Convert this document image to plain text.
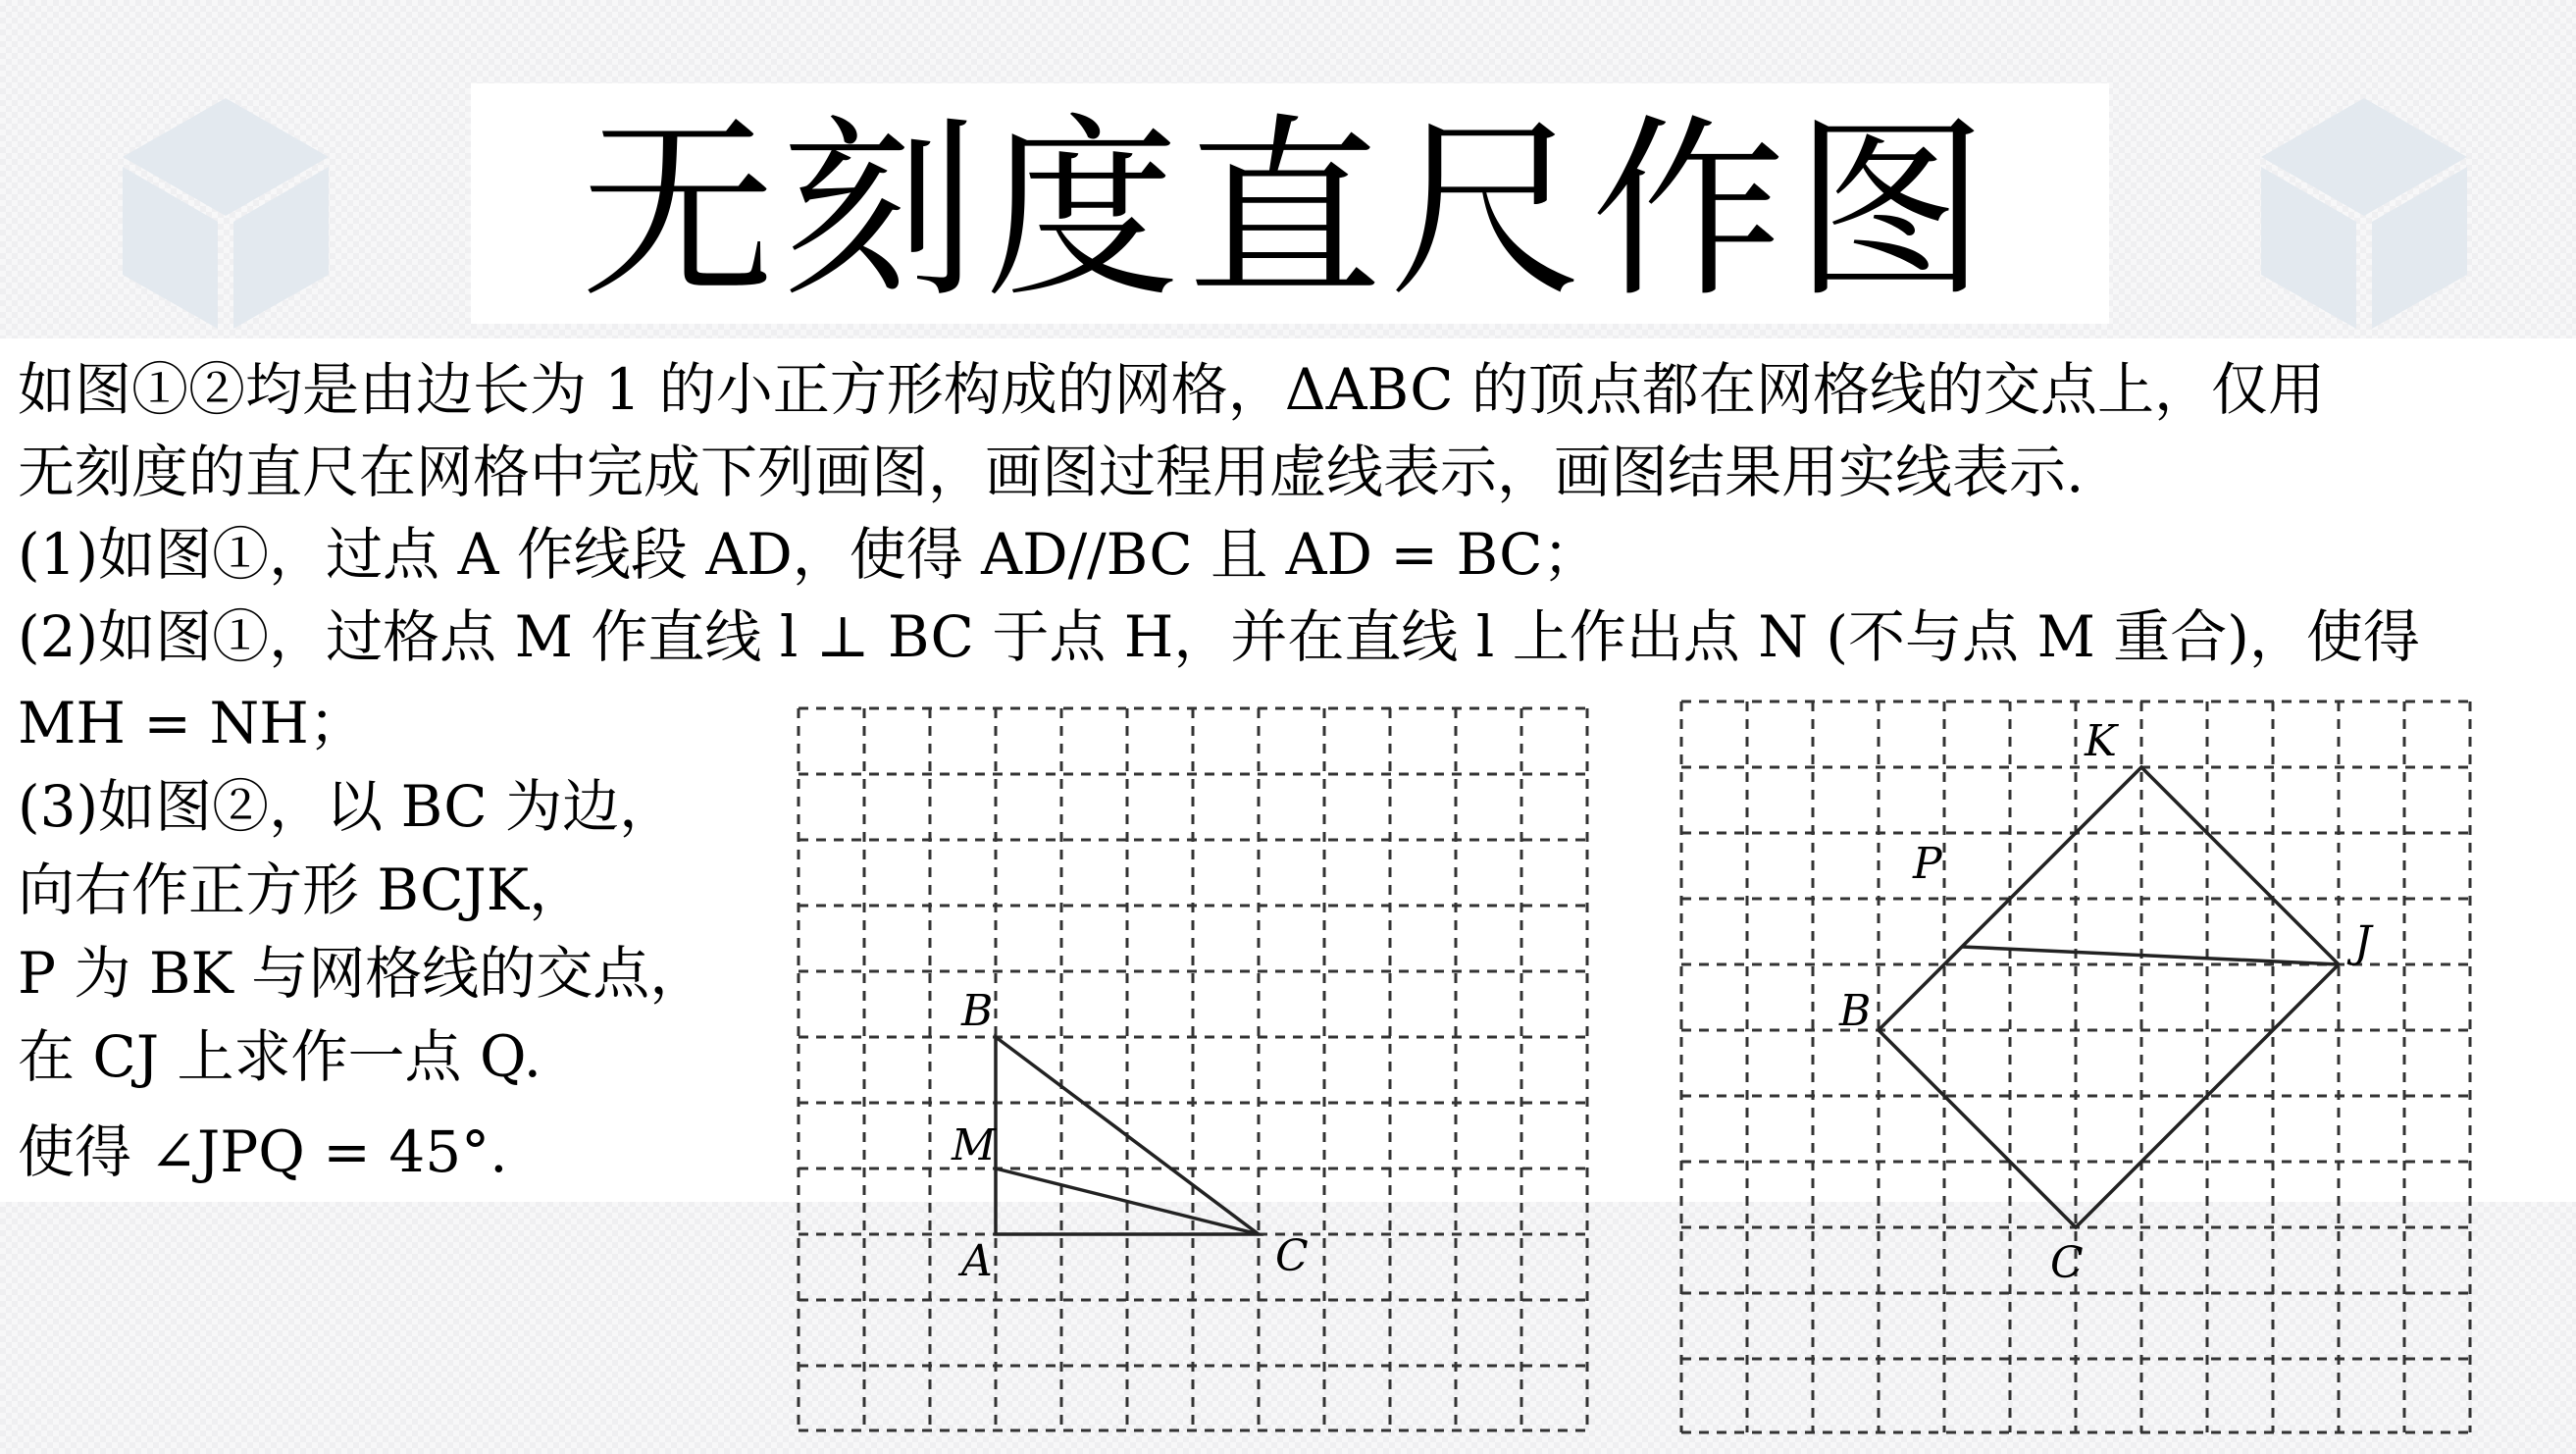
无刻度直尺作图
如图①②均是由边长为 1 的小正方形构成的网格，ΔABC 的顶点都在网格线的交点上，仅用
无刻度的直尺在网格中完成下列画图，画图过程用虚线表示，画图结果用实线表示.
(1)如图①，过点 A 作线段 AD，使得 AD//BC 且 AD = BC；
(2)如图①，过格点 M 作直线 l ⊥ BC 于点 H，并在直线 l 上作出点 N (不与点 M 重合)，使得
MH = NH；
(3)如图②，以 BC 为边，
向右作正方形 BCJK，
P 为 BK 与网格线的交点，
在 CJ 上求作一点 Q.
使得 ∠JPQ = 45°.
B
M
A	C
K
P
J
B
C
